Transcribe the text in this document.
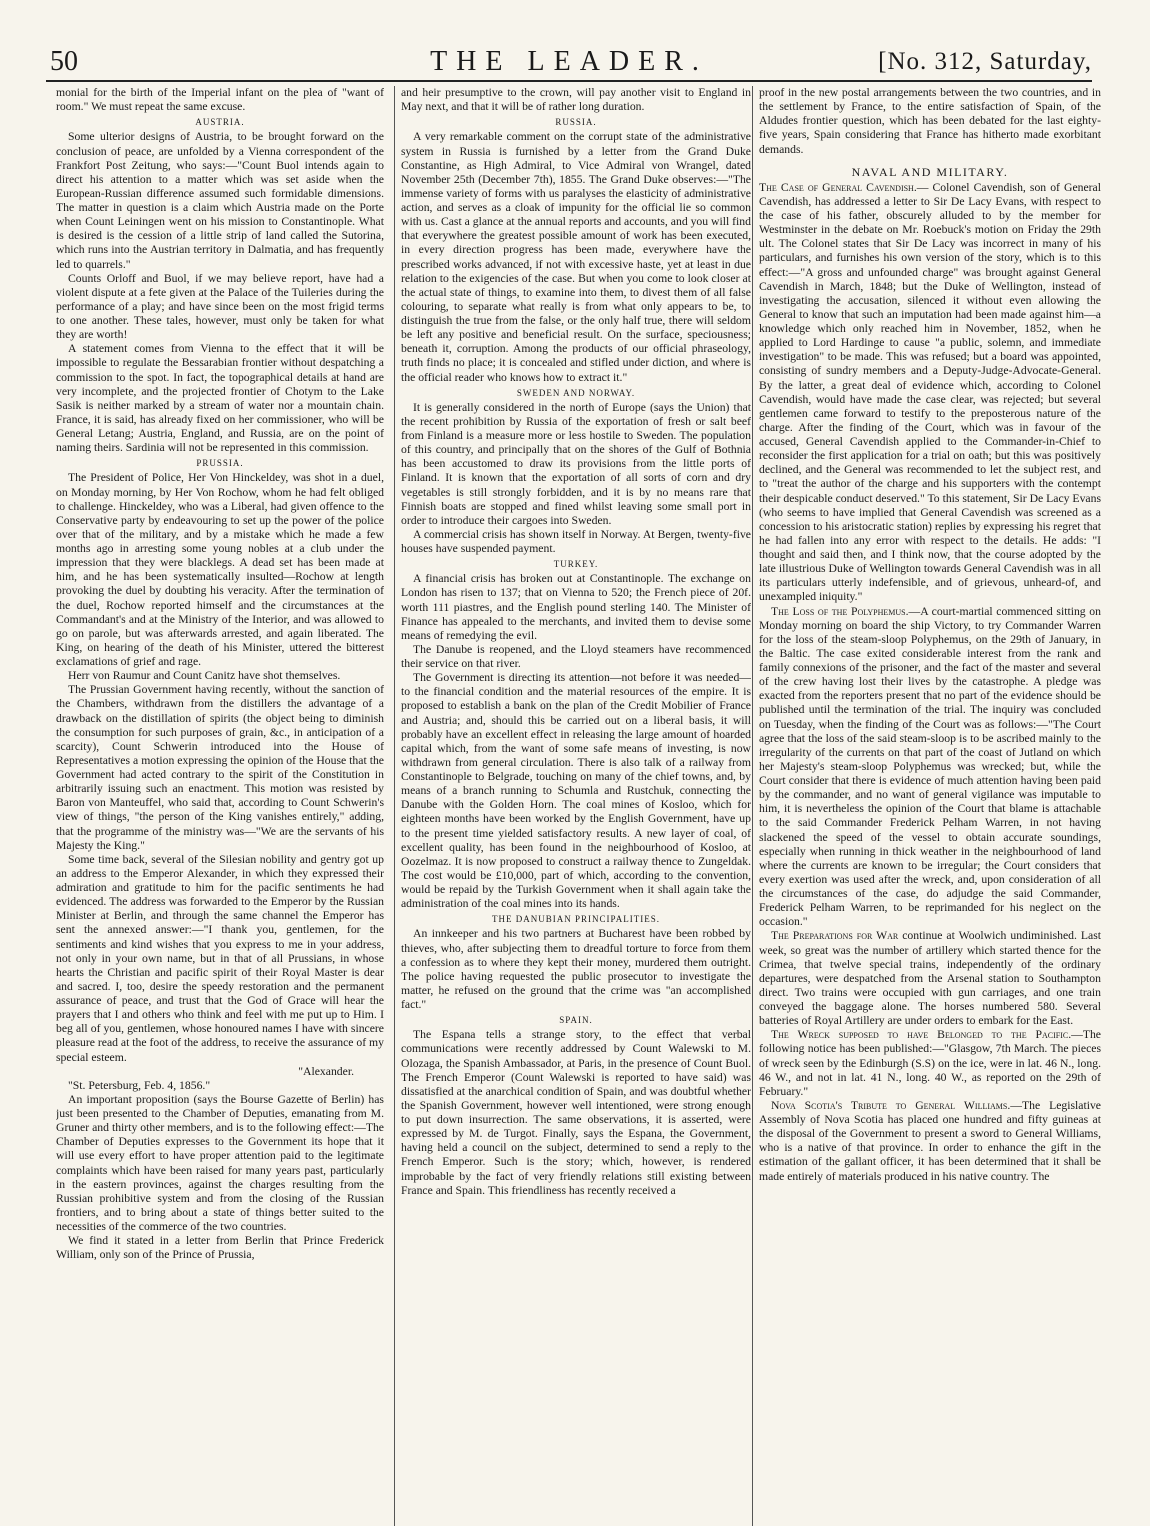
50	THE LEADER.	[No. 312, Saturday,

monial for the birth of the Imperial infant on the plea of "want of room." We must repeat the same excuse.

AUSTRIA.

Some ulterior designs of Austria, to be brought forward on the conclusion of peace, are unfolded by a Vienna correspondent of the Frankfort Post Zeitung, who says:—"Count Buol intends again to direct his attention to a matter which was set aside when the European-Russian difference assumed such formidable dimensions. The matter in question is a claim which Austria made on the Porte when Count Leiningen went on his mission to Constantinople. What is desired is the cession of a little strip of land called the Sutorina, which runs into the Austrian territory in Dalmatia, and has frequently led to quarrels."

Counts Orloff and Buol, if we may believe report, have had a violent dispute at a fete given at the Palace of the Tuileries during the performance of a play; and have since been on the most frigid terms to one another. These tales, however, must only be taken for what they are worth!

A statement comes from Vienna to the effect that it will be impossible to regulate the Bessarabian frontier without despatching a commission to the spot. In fact, the topographical details at hand are very incomplete, and the projected frontier of Chotym to the Lake Sasik is neither marked by a stream of water nor a mountain chain. France, it is said, has already fixed on her commissioner, who will be General Letang; Austria, England, and Russia, are on the point of naming theirs. Sardinia will not be represented in this commission.

PRUSSIA.

The President of Police, Her Von Hinckeldey, was shot in a duel, on Monday morning, by Her Von Rochow, whom he had felt obliged to challenge. Hinckeldey, who was a Liberal, had given offence to the Conservative party by endeavouring to set up the power of the police over that of the military, and by a mistake which he made a few months ago in arresting some young nobles at a club under the impression that they were blacklegs. A dead set has been made at him, and he has been systematically insulted—Rochow at length provoking the duel by doubting his veracity. After the termination of the duel, Rochow reported himself and the circumstances at the Commandant's and at the Ministry of the Interior, and was allowed to go on parole, but was afterwards arrested, and again liberated. The King, on hearing of the death of his Minister, uttered the bitterest exclamations of grief and rage.

Herr von Raumur and Count Canitz have shot themselves.

The Prussian Government having recently, without the sanction of the Chambers, withdrawn from the distillers the advantage of a drawback on the distillation of spirits (the object being to diminish the consumption for such purposes of grain, &c., in anticipation of a scarcity), Count Schwerin introduced into the House of Representatives a motion expressing the opinion of the House that the Government had acted contrary to the spirit of the Constitution in arbitrarily issuing such an enactment. This motion was resisted by Baron von Manteuffel, who said that, according to Count Schwerin's view of things, "the person of the King vanishes entirely," adding, that the programme of the ministry was—"We are the servants of his Majesty the King."

Some time back, several of the Silesian nobility and gentry got up an address to the Emperor Alexander, in which they expressed their admiration and gratitude to him for the pacific sentiments he had evidenced. The address was forwarded to the Emperor by the Russian Minister at Berlin, and through the same channel the Emperor has sent the annexed answer:—"I thank you, gentlemen, for the sentiments and kind wishes that you express to me in your address, not only in your own name, but in that of all Prussians, in whose hearts the Christian and pacific spirit of their Royal Master is dear and sacred. I, too, desire the speedy restoration and the permanent assurance of peace, and trust that the God of Grace will hear the prayers that I and others who think and feel with me put up to Him. I beg all of you, gentlemen, whose honoured names I have with sincere pleasure read at the foot of the address, to receive the assurance of my special esteem.

"Alexander.

"St. Petersburg, Feb. 4, 1856."

An important proposition (says the Bourse Gazette of Berlin) has just been presented to the Chamber of Deputies, emanating from M. Gruner and thirty other members, and is to the following effect:—The Chamber of Deputies expresses to the Government its hope that it will use every effort to have proper attention paid to the legitimate complaints which have been raised for many years past, particularly in the eastern provinces, against the charges resulting from the Russian prohibitive system and from the closing of the Russian frontiers, and to bring about a state of things better suited to the necessities of the commerce of the two countries.

We find it stated in a letter from Berlin that Prince Frederick William, only son of the Prince of Prussia,

and heir presumptive to the crown, will pay another visit to England in May next, and that it will be of rather long duration.

RUSSIA.

A very remarkable comment on the corrupt state of the administrative system in Russia is furnished by a letter from the Grand Duke Constantine, as High Admiral, to Vice Admiral von Wrangel, dated November 25th (December 7th), 1855. The Grand Duke observes:—"The immense variety of forms with us paralyses the elasticity of administrative action, and serves as a cloak of impunity for the official lie so common with us. Cast a glance at the annual reports and accounts, and you will find that everywhere the greatest possible amount of work has been executed, in every direction progress has been made, everywhere have the prescribed works advanced, if not with excessive haste, yet at least in due relation to the exigencies of the case. But when you come to look closer at the actual state of things, to examine into them, to divest them of all false colouring, to separate what really is from what only appears to be, to distinguish the true from the false, or the only half true, there will seldom be left any positive and beneficial result. On the surface, speciousness; beneath it, corruption. Among the products of our official phraseology, truth finds no place; it is concealed and stifled under diction, and where is the official reader who knows how to extract it."

SWEDEN AND NORWAY.

It is generally considered in the north of Europe (says the Union) that the recent prohibition by Russia of the exportation of fresh or salt beef from Finland is a measure more or less hostile to Sweden. The population of this country, and principally that on the shores of the Gulf of Bothnia has been accustomed to draw its provisions from the little ports of Finland. It is known that the exportation of all sorts of corn and dry vegetables is still strongly forbidden, and it is by no means rare that Finnish boats are stopped and fined whilst leaving some small port in order to introduce their cargoes into Sweden.

A commercial crisis has shown itself in Norway. At Bergen, twenty-five houses have suspended payment.

TURKEY.

A financial crisis has broken out at Constantinople. The exchange on London has risen to 137; that on Vienna to 520; the French piece of 20f. worth 111 piastres, and the English pound sterling 140. The Minister of Finance has appealed to the merchants, and invited them to devise some means of remedying the evil.

The Danube is reopened, and the Lloyd steamers have recommenced their service on that river.

The Government is directing its attention—not before it was needed—to the financial condition and the material resources of the empire. It is proposed to establish a bank on the plan of the Credit Mobilier of France and Austria; and, should this be carried out on a liberal basis, it will probably have an excellent effect in releasing the large amount of hoarded capital which, from the want of some safe means of investing, is now withdrawn from general circulation. There is also talk of a railway from Constantinople to Belgrade, touching on many of the chief towns, and, by means of a branch running to Schumla and Rustchuk, connecting the Danube with the Golden Horn. The coal mines of Kosloo, which for eighteen months have been worked by the English Government, have up to the present time yielded satisfactory results. A new layer of coal, of excellent quality, has been found in the neighbourhood of Kosloo, at Oozelmaz. It is now proposed to construct a railway thence to Zungeldak. The cost would be £10,000, part of which, according to the convention, would be repaid by the Turkish Government when it shall again take the administration of the coal mines into its hands.

THE DANUBIAN PRINCIPALITIES.

An innkeeper and his two partners at Bucharest have been robbed by thieves, who, after subjecting them to dreadful torture to force from them a confession as to where they kept their money, murdered them outright. The police having requested the public prosecutor to investigate the matter, he refused on the ground that the crime was "an accomplished fact."

SPAIN.

The Espana tells a strange story, to the effect that verbal communications were recently addressed by Count Walewski to M. Olozaga, the Spanish Ambassador, at Paris, in the presence of Count Buol. The French Emperor (Count Walewski is reported to have said) was dissatisfied at the anarchical condition of Spain, and was doubtful whether the Spanish Government, however well intentioned, were strong enough to put down insurrection. The same observations, it is asserted, were expressed by M. de Turgot. Finally, says the Espana, the Government, having held a council on the subject, determined to send a reply to the French Emperor. Such is the story; which, however, is rendered improbable by the fact of very friendly relations still existing between France and Spain. This friendliness has recently received a

proof in the new postal arrangements between the two countries, and in the settlement by France, to the entire satisfaction of Spain, of the Aldudes frontier question, which has been debated for the last eighty-five years, Spain considering that France has hitherto made exorbitant demands.

NAVAL AND MILITARY.

The Case of General Cavendish.— Colonel Cavendish, son of General Cavendish, has addressed a letter to Sir De Lacy Evans, with respect to the case of his father, obscurely alluded to by the member for Westminster in the debate on Mr. Roebuck's motion on Friday the 29th ult. The Colonel states that Sir De Lacy was incorrect in many of his particulars, and furnishes his own version of the story, which is to this effect:—"A gross and unfounded charge" was brought against General Cavendish in March, 1848; but the Duke of Wellington, instead of investigating the accusation, silenced it without even allowing the General to know that such an imputation had been made against him—a knowledge which only reached him in November, 1852, when he applied to Lord Hardinge to cause "a public, solemn, and immediate investigation" to be made. This was refused; but a board was appointed, consisting of sundry members and a Deputy-Judge-Advocate-General. By the latter, a great deal of evidence which, according to Colonel Cavendish, would have made the case clear, was rejected; but several gentlemen came forward to testify to the preposterous nature of the charge. After the finding of the Court, which was in favour of the accused, General Cavendish applied to the Commander-in-Chief to reconsider the first application for a trial on oath; but this was positively declined, and the General was recommended to let the subject rest, and to "treat the author of the charge and his supporters with the contempt their despicable conduct deserved." To this statement, Sir De Lacy Evans (who seems to have implied that General Cavendish was screened as a concession to his aristocratic station) replies by expressing his regret that he had fallen into any error with respect to the details. He adds: "I thought and said then, and I think now, that the course adopted by the late illustrious Duke of Wellington towards General Cavendish was in all its particulars utterly indefensible, and of grievous, unheard-of, and unexampled iniquity."

The Loss of the Polyphemus.—A court-martial commenced sitting on Monday morning on board the ship Victory, to try Commander Warren for the loss of the steam-sloop Polyphemus, on the 29th of January, in the Baltic. The case exited considerable interest from the rank and family connexions of the prisoner, and the fact of the master and several of the crew having lost their lives by the catastrophe. A pledge was exacted from the reporters present that no part of the evidence should be published until the termination of the trial. The inquiry was concluded on Tuesday, when the finding of the Court was as follows:—"The Court agree that the loss of the said steam-sloop is to be ascribed mainly to the irregularity of the currents on that part of the coast of Jutland on which her Majesty's steam-sloop Polyphemus was wrecked; but, while the Court consider that there is evidence of much attention having been paid by the commander, and no want of general vigilance was imputable to him, it is nevertheless the opinion of the Court that blame is attachable to the said Commander Frederick Pelham Warren, in not having slackened the speed of the vessel to obtain accurate soundings, especially when running in thick weather in the neighbourhood of land where the currents are known to be irregular; the Court considers that every exertion was used after the wreck, and, upon consideration of all the circumstances of the case, do adjudge the said Commander, Frederick Pelham Warren, to be reprimanded for his neglect on the occasion."

The Preparations for War continue at Woolwich undiminished. Last week, so great was the number of artillery which started thence for the Crimea, that twelve special trains, independently of the ordinary departures, were despatched from the Arsenal station to Southampton direct. Two trains were occupied with gun carriages, and one train conveyed the baggage alone. The horses numbered 580. Several batteries of Royal Artillery are under orders to embark for the East.

The Wreck supposed to have Belonged to the Pacific.—The following notice has been published:—"Glasgow, 7th March. The pieces of wreck seen by the Edinburgh (S.S) on the ice, were in lat. 46 N., long. 46 W., and not in lat. 41 N., long. 40 W., as reported on the 29th of February."

Nova Scotia's Tribute to General Williams.—The Legislative Assembly of Nova Scotia has placed one hundred and fifty guineas at the disposal of the Government to present a sword to General Williams, who is a native of that province. In order to enhance the gift in the estimation of the gallant officer, it has been determined that it shall be made entirely of materials produced in his native country. The
